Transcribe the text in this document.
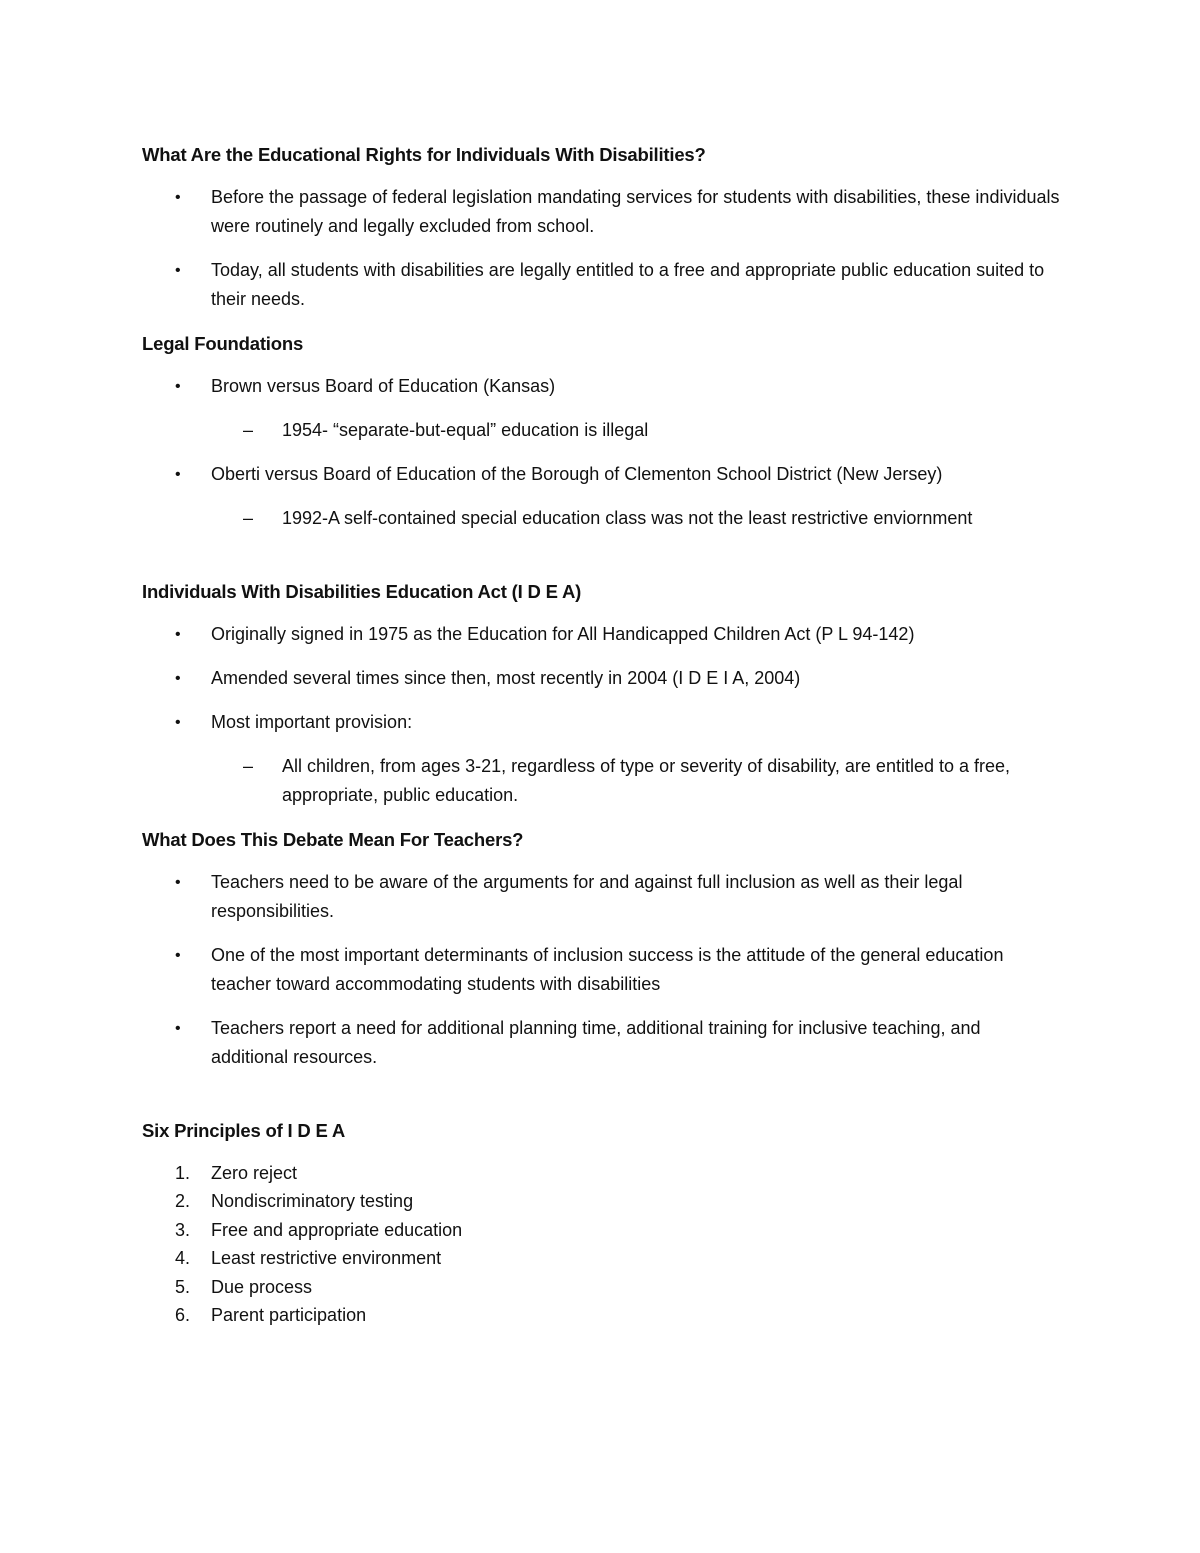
What Are the Educational Rights for Individuals With Disabilities?
• Before the passage of federal legislation mandating services for students with disabilities, these individuals were routinely and legally excluded from school.
• Today, all students with disabilities are legally entitled to a free and appropriate public education suited to their needs.
Legal Foundations
• Brown versus Board of Education (Kansas)
– 1954- “separate-but-equal” education is illegal
• Oberti versus Board of Education of the Borough of Clementon School District (New Jersey)
– 1992-A self-contained special education class was not the least restrictive enviornment
Individuals With Disabilities Education Act (I D E A)
• Originally signed in 1975 as the Education for All Handicapped Children Act (P L 94-142)
• Amended several times since then, most recently in 2004 (I D E I A, 2004)
• Most important provision:
– All children, from ages 3-21, regardless of type or severity of disability, are entitled to a free, appropriate, public education.
What Does This Debate Mean For Teachers?
• Teachers need to be aware of the arguments for and against full inclusion as well as their legal responsibilities.
• One of the most important determinants of inclusion success is the attitude of the general education teacher toward accommodating students with disabilities
• Teachers report a need for additional planning time, additional training for inclusive teaching, and additional resources.
Six Principles of I D E A
1. Zero reject
2. Nondiscriminatory testing
3. Free and appropriate education
4. Least restrictive environment
5. Due process
6. Parent participation
